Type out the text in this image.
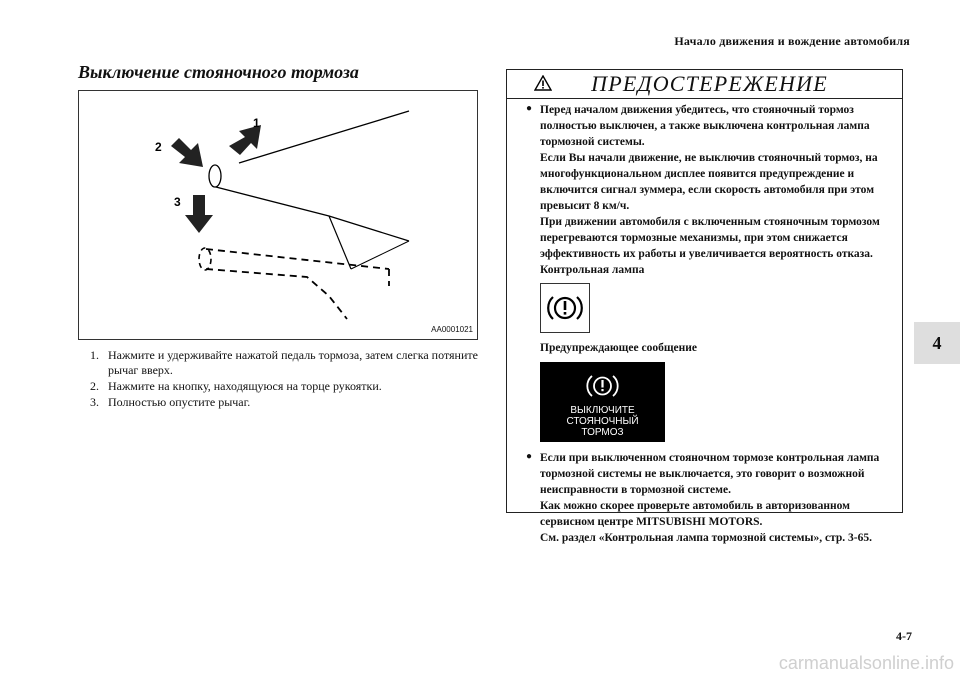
Начало движения и вождение автомобиля
Выключение стояночного тормоза
1
2
3
AA0001021
1. Нажмите и удерживайте нажатой педаль тормоза, затем слегка потяните рычаг вверх.
2. Нажмите на кнопку, находящуюся на торце рукоятки.
3. Полностью опустите рычаг.
ПРЕДОСТЕРЕЖЕНИЕ
● Перед началом движения убедитесь, что стояночный тормоз полностью выключен, а также выключена контрольная лампа тормозной системы.

Если Вы начали движение, не выключив стояночный тормоз, на многофункциональном дисплее появится предупреждение и включится сигнал зуммера, если скорость автомобиля при этом превысит 8 км/ч.

При движении автомобиля с включенным стояночным тормозом перегреваются тормозные механизмы, при этом снижается эффективность их работы и увеличивается вероятность отказа.

Контрольная лампа

Предупреждающее сообщение

ВЫКЛЮЧИТЕ
СТОЯНОЧНЫЙ
ТОРМОЗ
● Если при выключенном стояночном тормозе контрольная лампа тормозной системы не выключается, это говорит о возможной неисправности в тормозной системе.

Как можно скорее проверьте автомобиль в авторизованном сервисном центре MITSUBISHI MOTORS.

См. раздел «Контрольная лампа тормозной системы», стр. 3-65.

4
4-7
carmanualsonline.info
